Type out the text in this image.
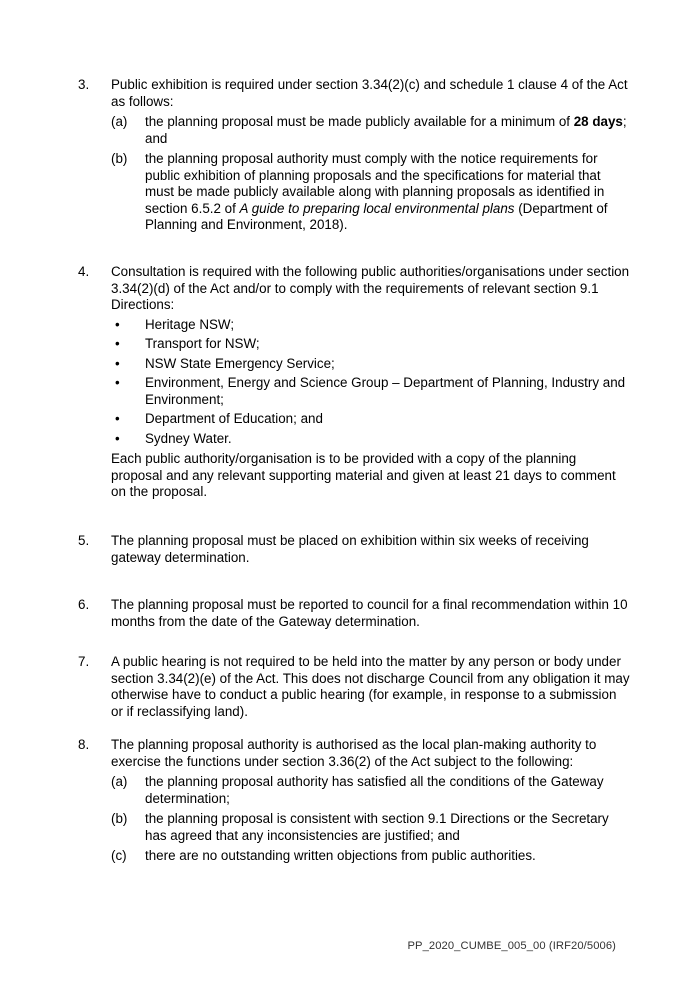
3. Public exhibition is required under section 3.34(2)(c) and schedule 1 clause 4 of the Act as follows:
(a) the planning proposal must be made publicly available for a minimum of 28 days; and
(b) the planning proposal authority must comply with the notice requirements for public exhibition of planning proposals and the specifications for material that must be made publicly available along with planning proposals as identified in section 6.5.2 of A guide to preparing local environmental plans (Department of Planning and Environment, 2018).
4. Consultation is required with the following public authorities/organisations under section 3.34(2)(d) of the Act and/or to comply with the requirements of relevant section 9.1 Directions:
• Heritage NSW;
• Transport for NSW;
• NSW State Emergency Service;
• Environment, Energy and Science Group – Department of Planning, Industry and Environment;
• Department of Education; and
• Sydney Water.
Each public authority/organisation is to be provided with a copy of the planning proposal and any relevant supporting material and given at least 21 days to comment on the proposal.
5. The planning proposal must be placed on exhibition within six weeks of receiving gateway determination.
6. The planning proposal must be reported to council for a final recommendation within 10 months from the date of the Gateway determination.
7. A public hearing is not required to be held into the matter by any person or body under section 3.34(2)(e) of the Act. This does not discharge Council from any obligation it may otherwise have to conduct a public hearing (for example, in response to a submission or if reclassifying land).
8. The planning proposal authority is authorised as the local plan-making authority to exercise the functions under section 3.36(2) of the Act subject to the following:
(a) the planning proposal authority has satisfied all the conditions of the Gateway determination;
(b) the planning proposal is consistent with section 9.1 Directions or the Secretary has agreed that any inconsistencies are justified; and
(c) there are no outstanding written objections from public authorities.
PP_2020_CUMBE_005_00 (IRF20/5006)
